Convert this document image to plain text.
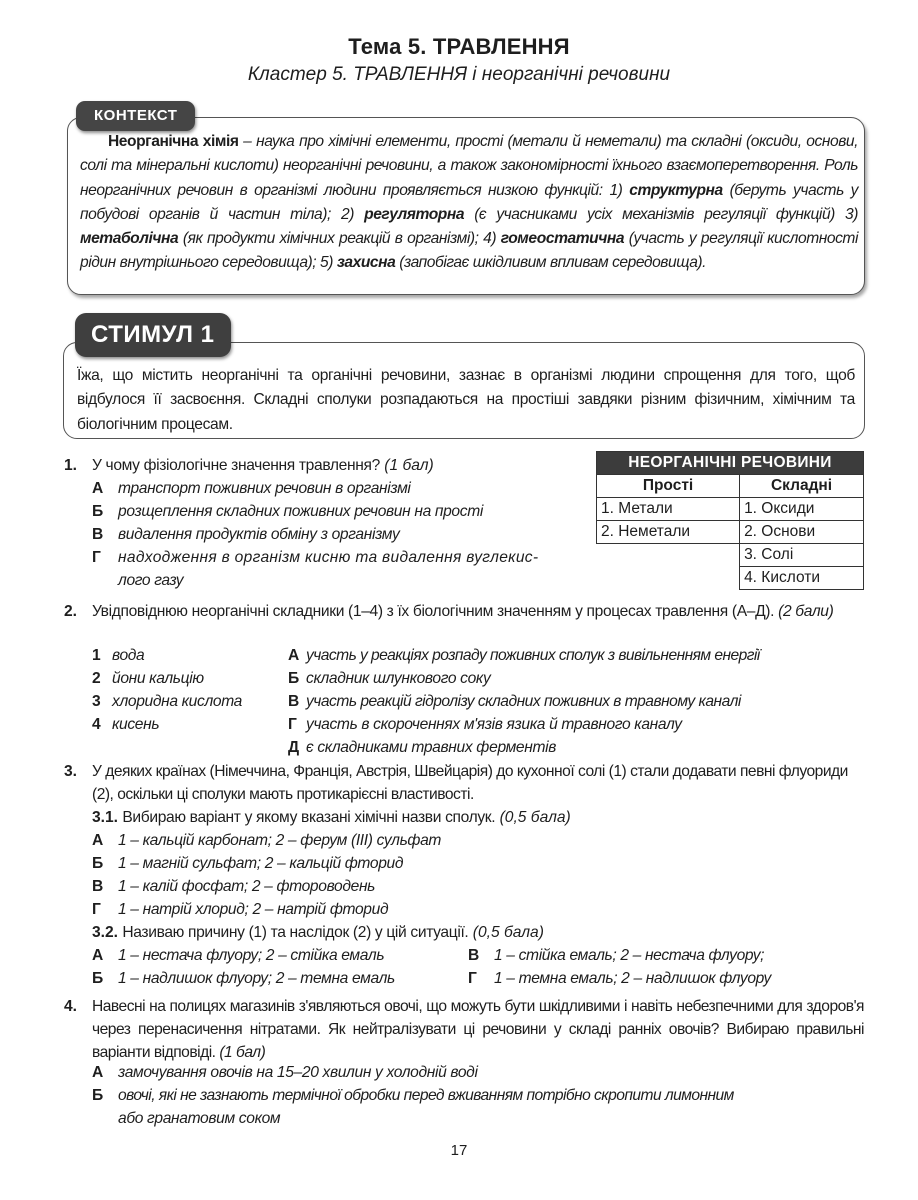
Тема 5. ТРАВЛЕННЯ
Кластер 5. ТРАВЛЕННЯ і неорганічні речовини
КОНТЕКСТ
Неорганічна хімія – наука про хімічні елементи, прості (метали й неметали) та складні (оксиди, основи, солі та мінеральні кислоти) неорганічні речовини, а також закономірності їхнього взаємоперетворення. Роль неорганічних речовин в організмі людини проявляється низкою функцій: 1) структурна (беруть участь у побудові органів й частин тіла); 2) регуляторна (є учасниками усіх механізмів регуляції функцій) 3) метаболічна (як продукти хімічних реакцій в організмі); 4) гомеостатична (участь у регуляції кислотності рідин внутрішнього середовища); 5) захисна (запобігає шкідливим впливам середовища).
СТИМУЛ 1
Їжа, що містить неорганічні та органічні речовини, зазнає в організмі людини спрощення для того, щоб відбулося її засвоєння. Складні сполуки розпадаються на простіші завдяки різним фізичним, хімічним та біологічним процесам.
1. У чому фізіологічне значення травлення? (1 бал)
А транспорт поживних речовин в організмі
Б розщеплення складних поживних речовин на прості
В видалення продуктів обміну з організму
Г надходження в організм кисню та видалення вуглекис-
лого газу
НЕОРГАНІЧНІ РЕЧОВИНИ	
Прості	Складні
1. Метали	1. Оксиди
2. Неметали	2. Основи
	3. Солі
	4. Кислоти
2. Увідповіднюю неорганічні складники (1–4) з їх біологічним значенням у процесах травлення (А–Д). (2 бали)
1 вода
2 йони кальцію
3 хлоридна кислота
4 кисень
А участь у реакціях розпаду поживних сполук з вивільненням енергії
Б складник шлункового соку
В участь реакцій гідролізу складних поживних в травному каналі
Г участь в скороченнях м'язів язика й травного каналу
Д є складниками травних ферментів
3. У деяких країнах (Німеччина, Франція, Австрія, Швейцарія) до кухонної солі (1) стали додавати певні флуориди (2), оскільки ці сполуки мають протикарієсні властивості.
3.1. Вибираю варіант у якому вказані хімічні назви сполук. (0,5 бала)
А 1 – кальцій карбонат; 2 – ферум (ІІІ) сульфат
Б 1 – магній сульфат; 2 – кальцій фторид
В 1 – калій фосфат; 2 – фтороводень
Г 1 – натрій хлорид; 2 – натрій фторид
3.2. Називаю причину (1) та наслідок (2) у цій ситуації. (0,5 бала)
А 1 – нестача флуору; 2 – стійка емаль
Б 1 – надлишок флуору; 2 – темна емаль
В 1 – стійка емаль; 2 – нестача флуору;
Г 1 – темна емаль; 2 – надлишок флуору
4. Навесні на полицях магазинів з'являються овочі, що можуть бути шкідливими і навіть небезпечними для здоров'я через перенасичення нітратами. Як нейтралізувати ці речовини у складі ранніх овочів? Вибираю правильні варіанти відповіді. (1 бал)
А замочування овочів на 15–20 хвилин у холодній воді
Б овочі, які не зазнають термічної обробки перед вживанням потрібно скропити лимонним
або гранатовим соком
17
